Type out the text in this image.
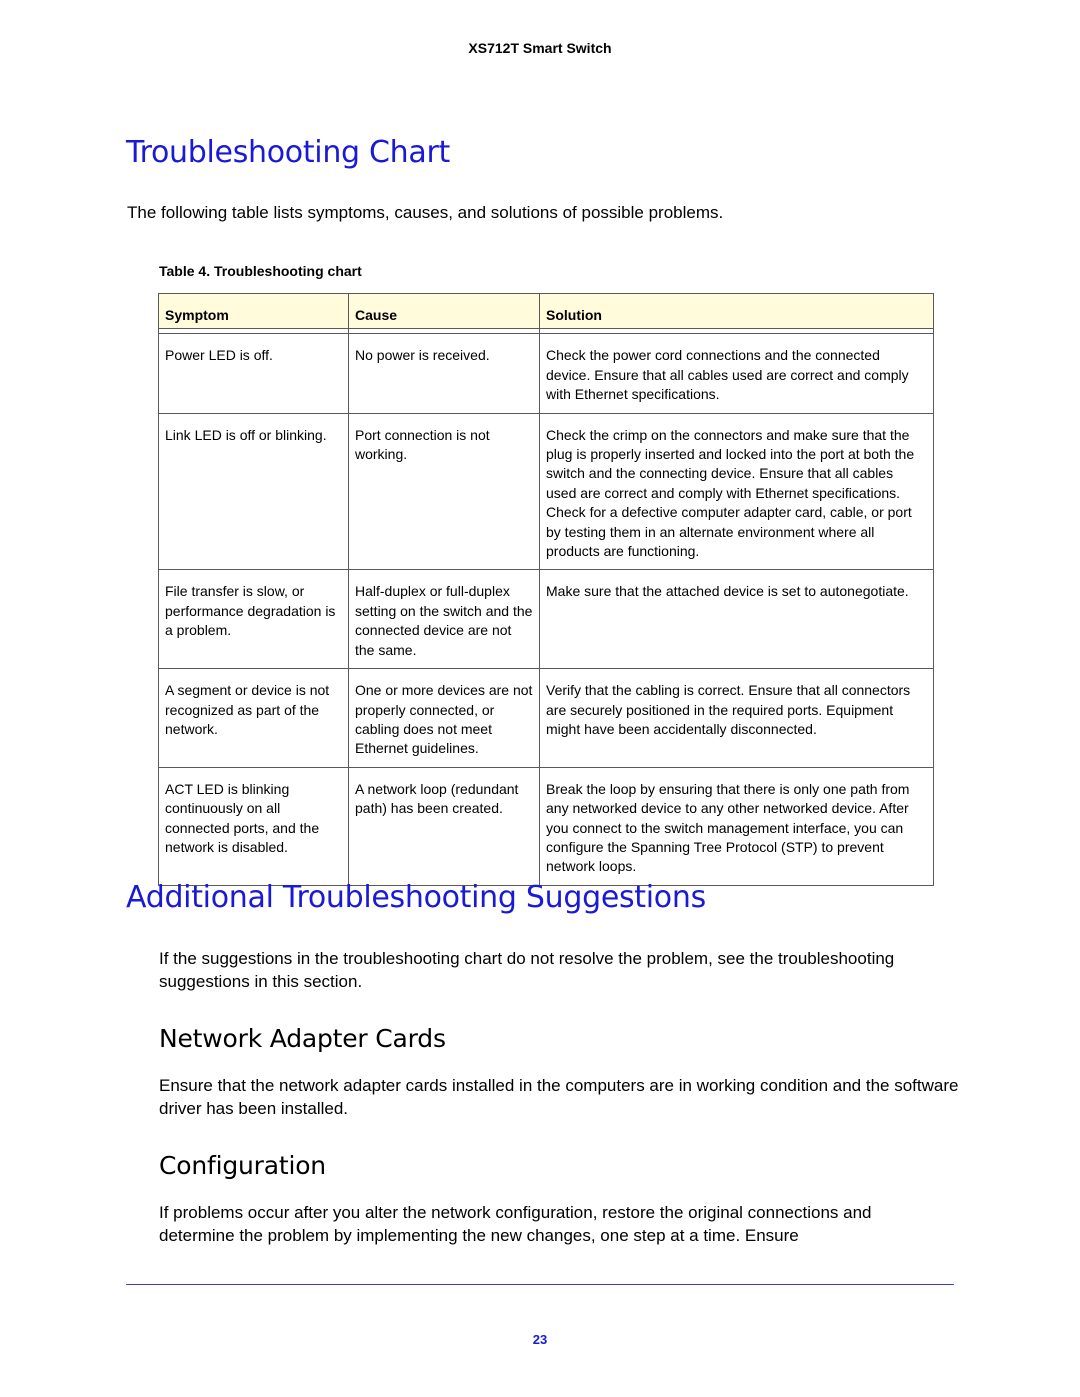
XS712T Smart Switch
Troubleshooting Chart

The following table lists symptoms, causes, and solutions of possible problems.

Table 4. Troubleshooting chart
Symptom	Cause	Solution

Power LED is off.	No power is received.	Check the power cord connections and the connected device. Ensure that all cables used are correct and comply with Ethernet specifications.
Link LED is off or blinking.	Port connection is not working.	Check the crimp on the connectors and make sure that the plug is properly inserted and locked into the port at both the switch and the connecting device. Ensure that all cables used are correct and comply with Ethernet specifications. Check for a defective computer adapter card, cable, or port by testing them in an alternate environment where all products are functioning.
File transfer is slow, or performance degradation is a problem.	Half-duplex or full-duplex setting on the switch and the connected device are not the same.	Make sure that the attached device is set to autonegotiate.
A segment or device is not recognized as part of the network.	One or more devices are not properly connected, or cabling does not meet Ethernet guidelines.	Verify that the cabling is correct. Ensure that all connectors are securely positioned in the required ports. Equipment might have been accidentally disconnected.
ACT LED is blinking continuously on all connected ports, and the network is disabled.	A network loop (redundant path) has been created.	Break the loop by ensuring that there is only one path from any networked device to any other networked device. After you connect to the switch management interface, you can configure the Spanning Tree Protocol (STP) to prevent network loops.
Additional Troubleshooting Suggestions

If the suggestions in the troubleshooting chart do not resolve the problem, see the troubleshooting suggestions in this section.

Network Adapter Cards

Ensure that the network adapter cards installed in the computers are in working condition and the software driver has been installed.

Configuration

If problems occur after you alter the network configuration, restore the original connections and determine the problem by implementing the new changes, one step at a time. Ensure

23
